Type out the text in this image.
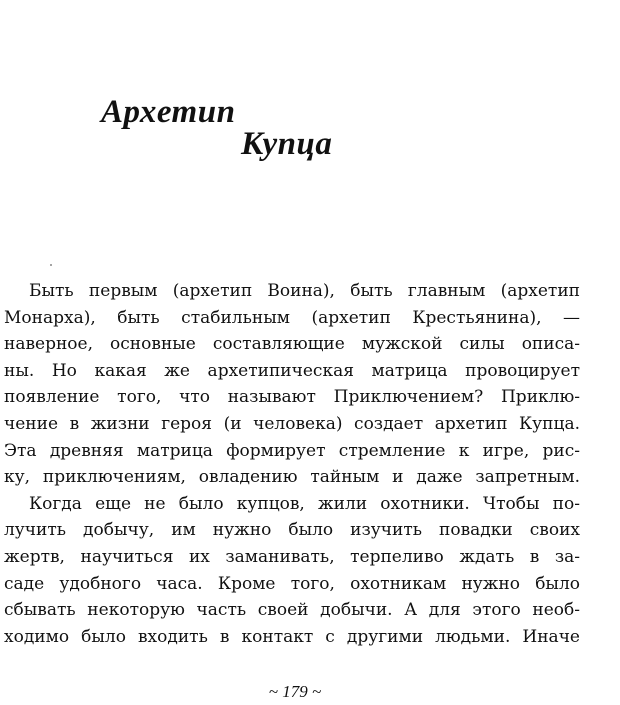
Архетип
Купца
Быть первым (архетип Воина), быть главным (архетип
Монарха), быть стабильным (архетип Крестьянина), —
наверное, основные составляющие мужской силы описа-
ны. Но какая же архетипическая матрица провоцирует
появление того, что называют Приключением? Приклю-
чение в жизни героя (и человека) создает архетип Купца.
Эта древняя матрица формирует стремление к игре, рис-
ку, приключениям, овладению тайным и даже запретным.
Когда еще не было купцов, жили охотники. Чтобы по-
лучить добычу, им нужно было изучить повадки своих
жертв, научиться их заманивать, терпеливо ждать в за-
саде удобного часа. Кроме того, охотникам нужно было
сбывать некоторую часть своей добычи. А для этого необ-
ходимо было входить в контакт с другими людьми. Иначе
~ 179 ~
